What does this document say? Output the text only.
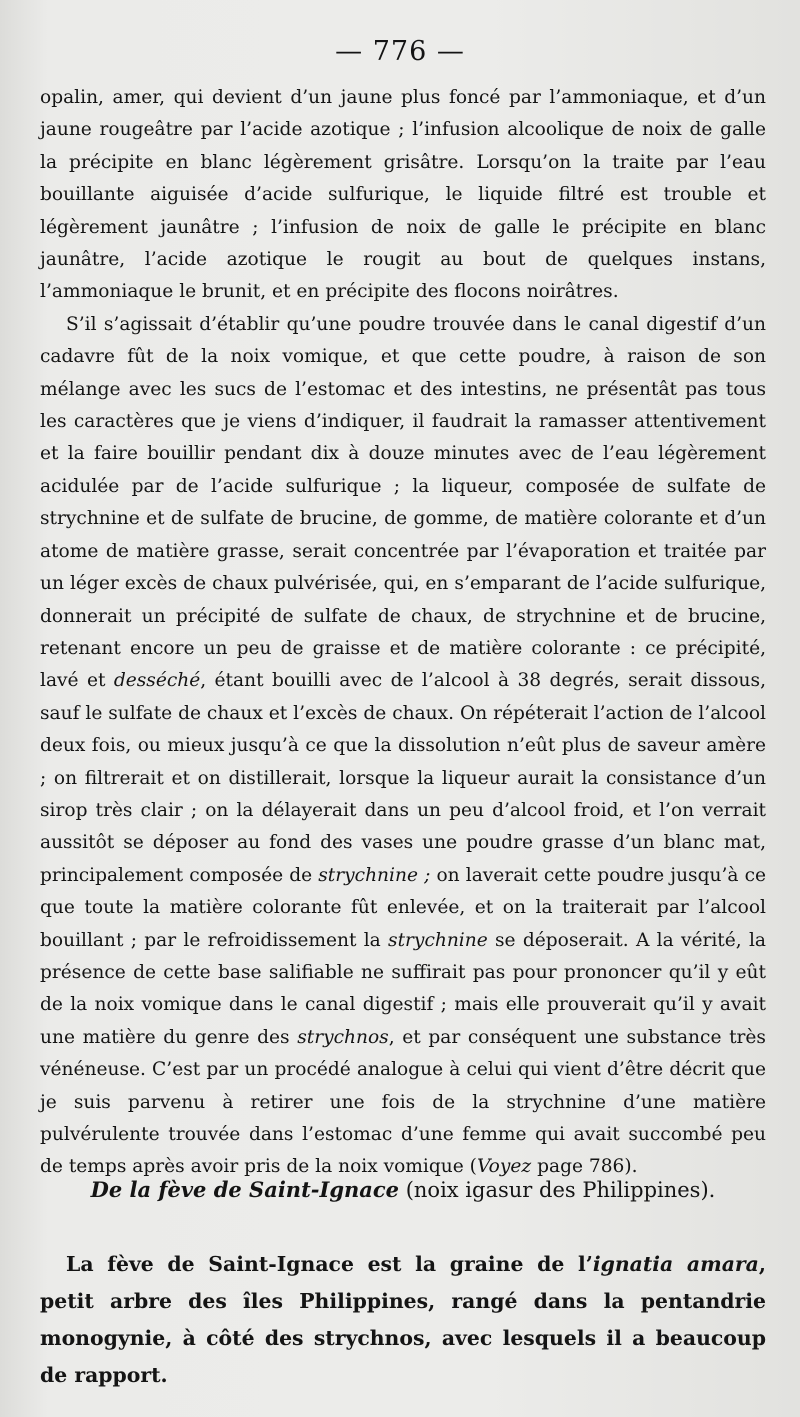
— 776 —

opalin, amer, qui devient d’un jaune plus foncé par l’ammoniaque, et d’un jaune rougeâtre par l’acide azotique ; l’infusion alcoolique de noix de galle la précipite en blanc légèrement grisâtre. Lorsqu’on la traite par l’eau bouillante aiguisée d’acide sulfurique, le liquide filtré est trouble et légèrement jaunâtre ; l’infusion de noix de galle le précipite en blanc jaunâtre, l’acide azotique le rougit au bout de quelques instans, l’ammoniaque le brunit, et en précipite des flocons noirâtres.

S’il s’agissait d’établir qu’une poudre trouvée dans le canal digestif d’un cadavre fût de la noix vomique, et que cette poudre, à raison de son mélange avec les sucs de l’estomac et des intestins, ne présentât pas tous les caractères que je viens d’indiquer, il faudrait la ramasser attentivement et la faire bouillir pendant dix à douze minutes avec de l’eau légèrement acidulée par de l’acide sulfurique ; la liqueur, composée de sulfate de strychnine et de sulfate de brucine, de gomme, de matière colorante et d’un atome de matière grasse, serait concentrée par l’évaporation et traitée par un léger excès de chaux pulvérisée, qui, en s’emparant de l’acide sulfurique, donnerait un précipité de sulfate de chaux, de strychnine et de brucine, retenant encore un peu de graisse et de matière colorante : ce précipité, lavé et desséché, étant bouilli avec de l’alcool à 38 degrés, serait dissous, sauf le sulfate de chaux et l’excès de chaux. On répéterait l’action de l’alcool deux fois, ou mieux jusqu’à ce que la dissolution n’eût plus de saveur amère ; on filtrerait et on distillerait, lorsque la liqueur aurait la consistance d’un sirop très clair ; on la délayerait dans un peu d’alcool froid, et l’on verrait aussitôt se déposer au fond des vases une poudre grasse d’un blanc mat, principalement composée de strychnine ; on laverait cette poudre jusqu’à ce que toute la matière colorante fût enlevée, et on la traiterait par l’alcool bouillant ; par le refroidissement la strychnine se déposerait. A la vérité, la présence de cette base salifiable ne suffirait pas pour prononcer qu’il y eût de la noix vomique dans le canal digestif ; mais elle prouverait qu’il y avait une matière du genre des strychnos, et par conséquent une substance très vénéneuse. C’est par un procédé analogue à celui qui vient d’être décrit que je suis parvenu à retirer une fois de la strychnine d’une matière pulvérulente trouvée dans l’estomac d’une femme qui avait succombé peu de temps après avoir pris de la noix vomique (Voyez page 786).

De la fève de Saint-Ignace (noix igasur des Philippines).

La fève de Saint-Ignace est la graine de l’ignatia amara, petit arbre des îles Philippines, rangé dans la pentandrie monogynie, à côté des strychnos, avec lesquels il a beaucoup de rapport.
